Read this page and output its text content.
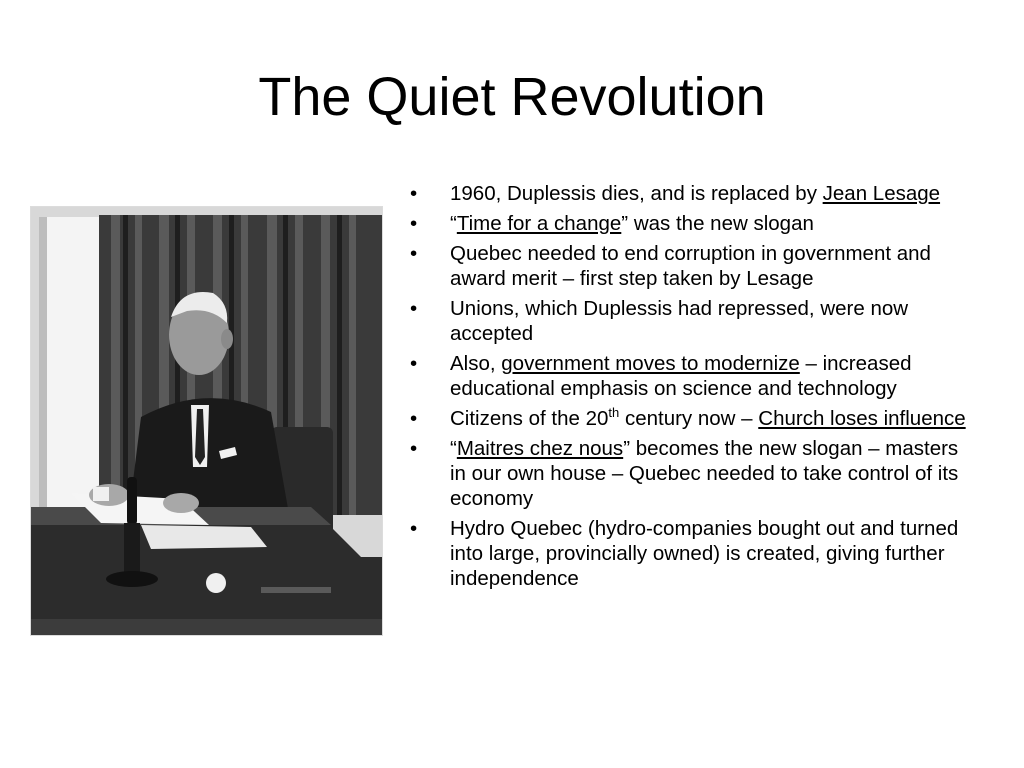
The Quiet Revolution
•	1960, Duplessis dies, and is replaced by Jean Lesage
•	“Time for a change” was the new slogan
•	Quebec needed to end corruption in government and award merit – first step taken by Lesage
•	Unions, which Duplessis had repressed, were now accepted
•	Also, government moves to modernize – increased educational emphasis on science and technology
•	Citizens of the 20th century now – Church loses influence
•	“Maitres chez nous” becomes the new slogan – masters in our own house – Quebec needed to take control of its economy
•	Hydro Quebec (hydro-companies bought out and turned into large, provincially owned) is created, giving further independence
